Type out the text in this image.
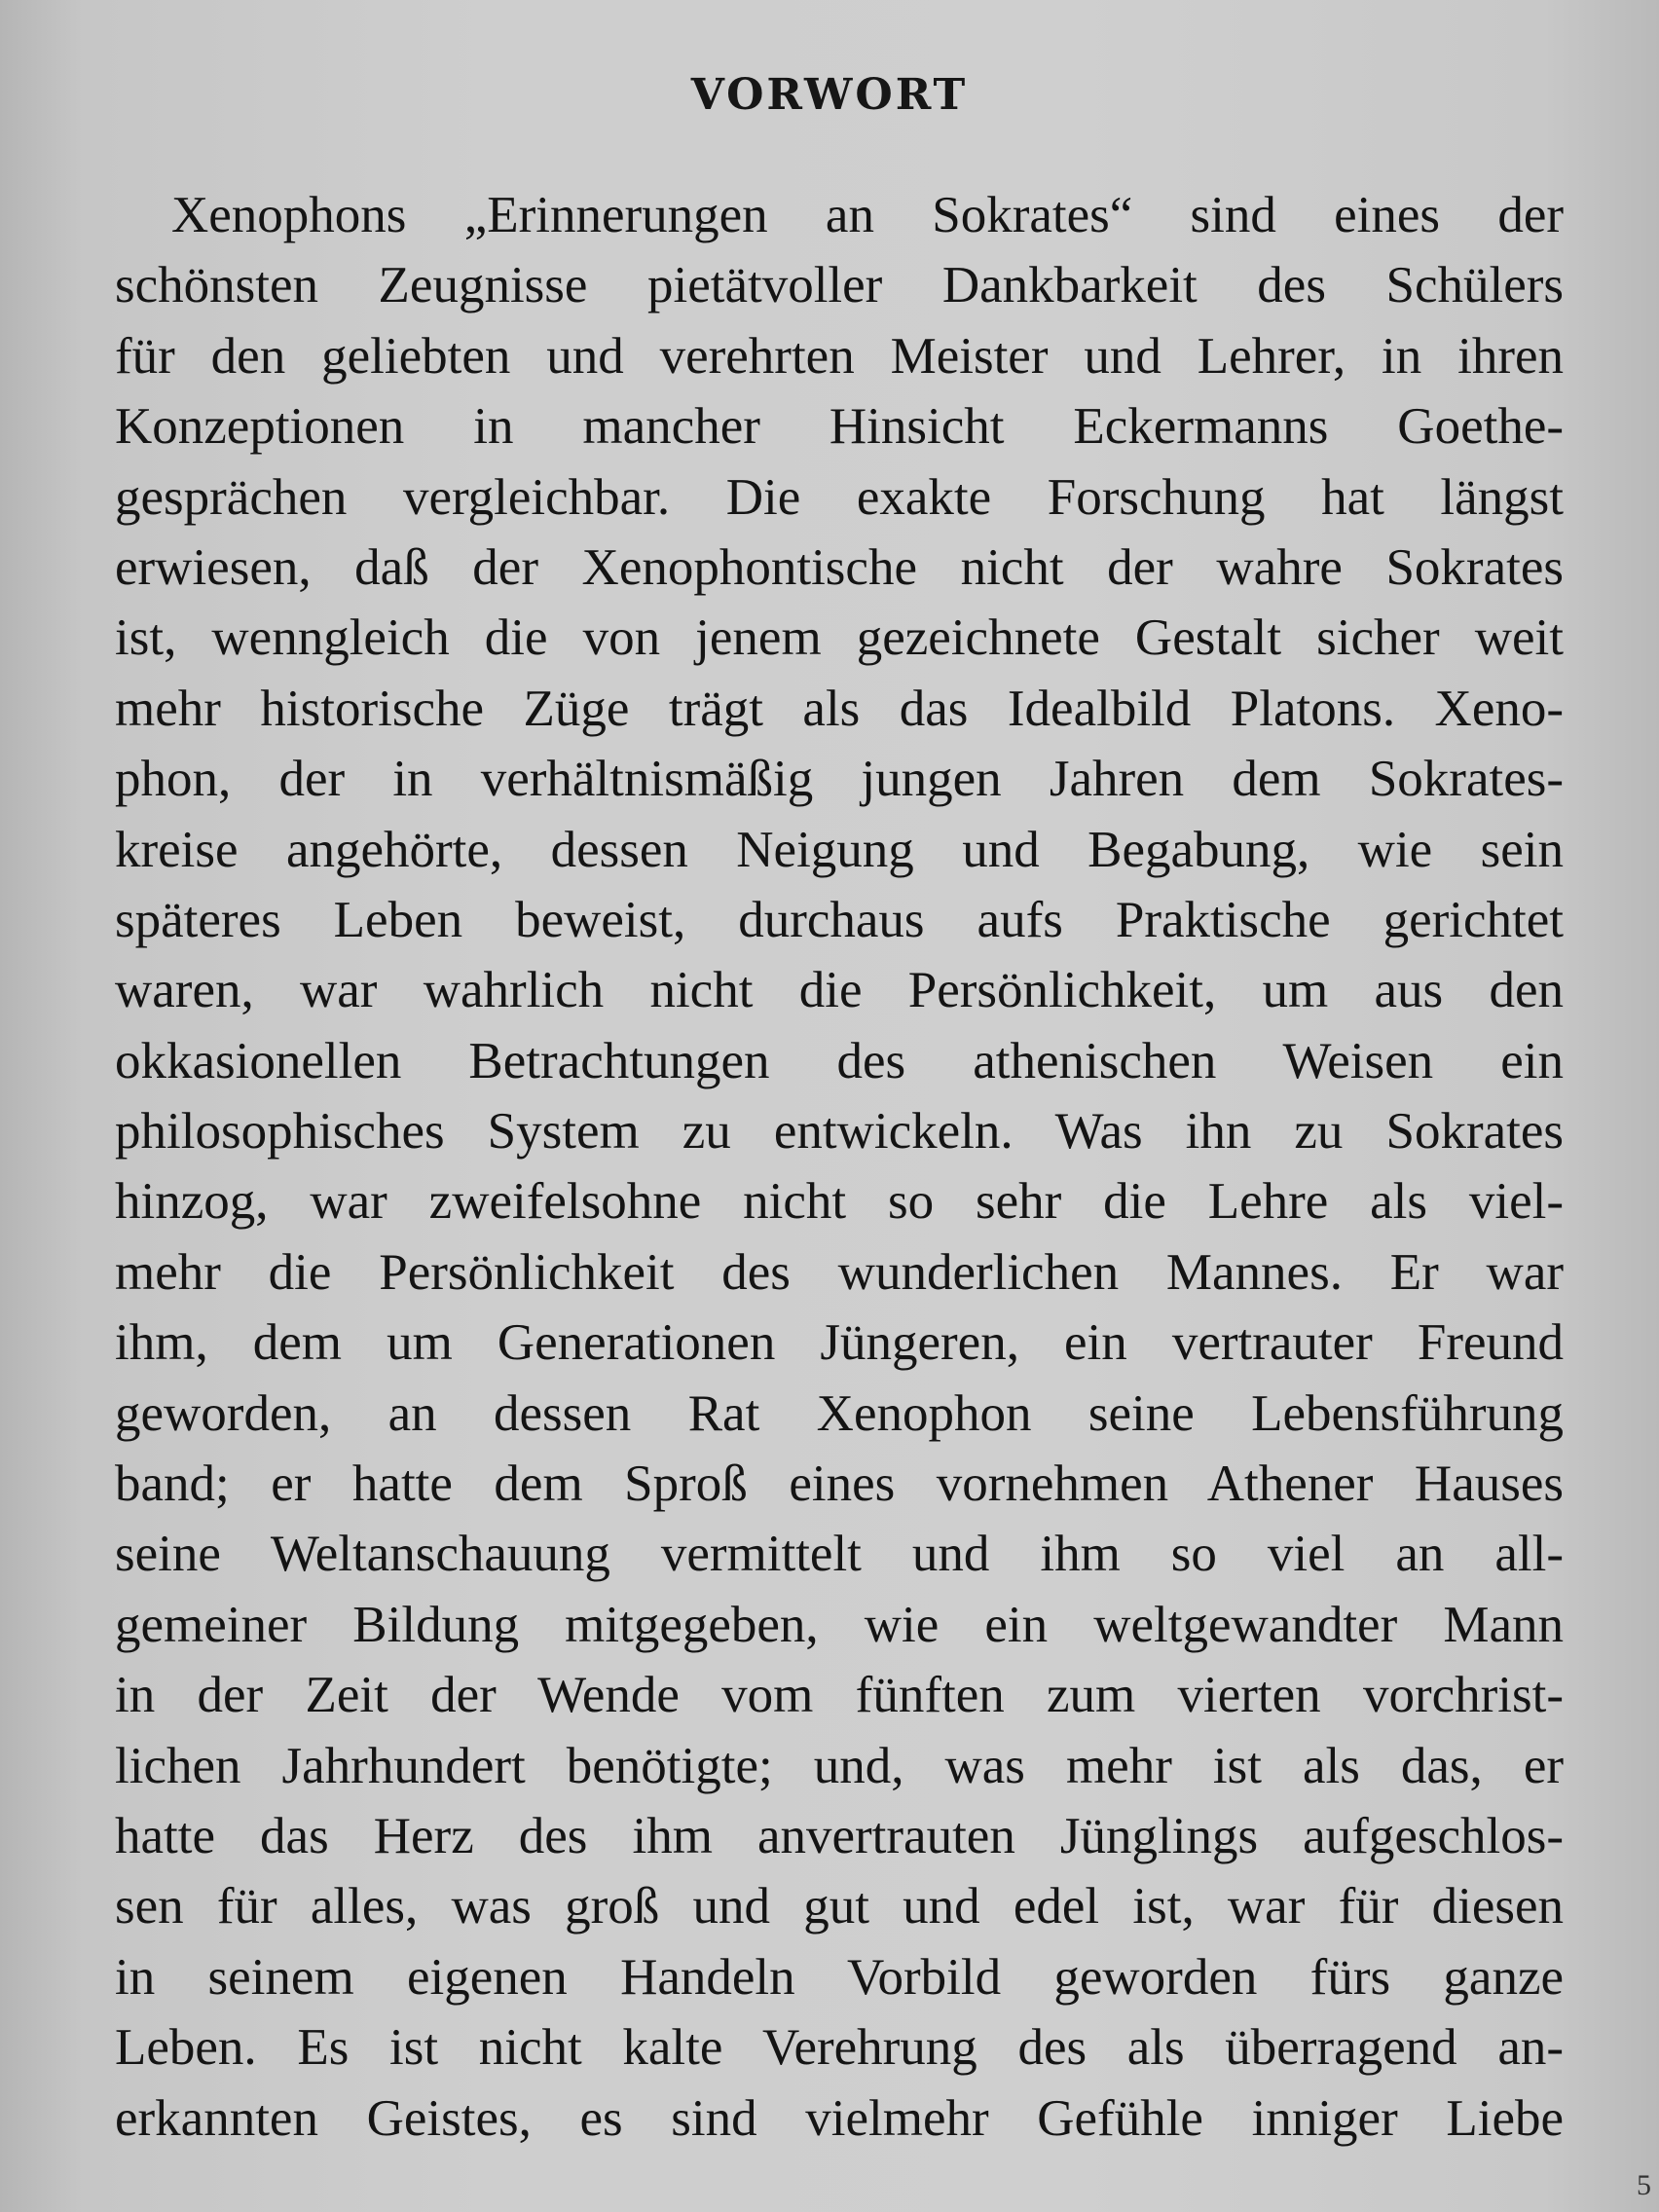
VORWORT
Xenophons „Erinnerungen an Sokrates“ sind eines der
schönsten Zeugnisse pietätvoller Dankbarkeit des Schülers
für den geliebten und verehrten Meister und Lehrer, in ihren
Konzeptionen in mancher Hinsicht Eckermanns Goethe-
gesprächen vergleichbar. Die exakte Forschung hat längst
erwiesen, daß der Xenophontische nicht der wahre Sokrates
ist, wenngleich die von jenem gezeichnete Gestalt sicher weit
mehr historische Züge trägt als das Idealbild Platons. Xeno-
phon, der in verhältnismäßig jungen Jahren dem Sokrates-
kreise angehörte, dessen Neigung und Begabung, wie sein
späteres Leben beweist, durchaus aufs Praktische gerichtet
waren, war wahrlich nicht die Persönlichkeit, um aus den
okkasionellen Betrachtungen des athenischen Weisen ein
philosophisches System zu entwickeln. Was ihn zu Sokrates
hinzog, war zweifelsohne nicht so sehr die Lehre als viel-
mehr die Persönlichkeit des wunderlichen Mannes. Er war
ihm, dem um Generationen Jüngeren, ein vertrauter Freund
geworden, an dessen Rat Xenophon seine Lebensführung
band; er hatte dem Sproß eines vornehmen Athener Hauses
seine Weltanschauung vermittelt und ihm so viel an all-
gemeiner Bildung mitgegeben, wie ein weltgewandter Mann
in der Zeit der Wende vom fünften zum vierten vorchrist-
lichen Jahrhundert benötigte; und, was mehr ist als das, er
hatte das Herz des ihm anvertrauten Jünglings aufgeschlos-
sen für alles, was groß und gut und edel ist, war für diesen
in seinem eigenen Handeln Vorbild geworden fürs ganze
Leben. Es ist nicht kalte Verehrung des als überragend an-
erkannten Geistes, es sind vielmehr Gefühle inniger Liebe
5
